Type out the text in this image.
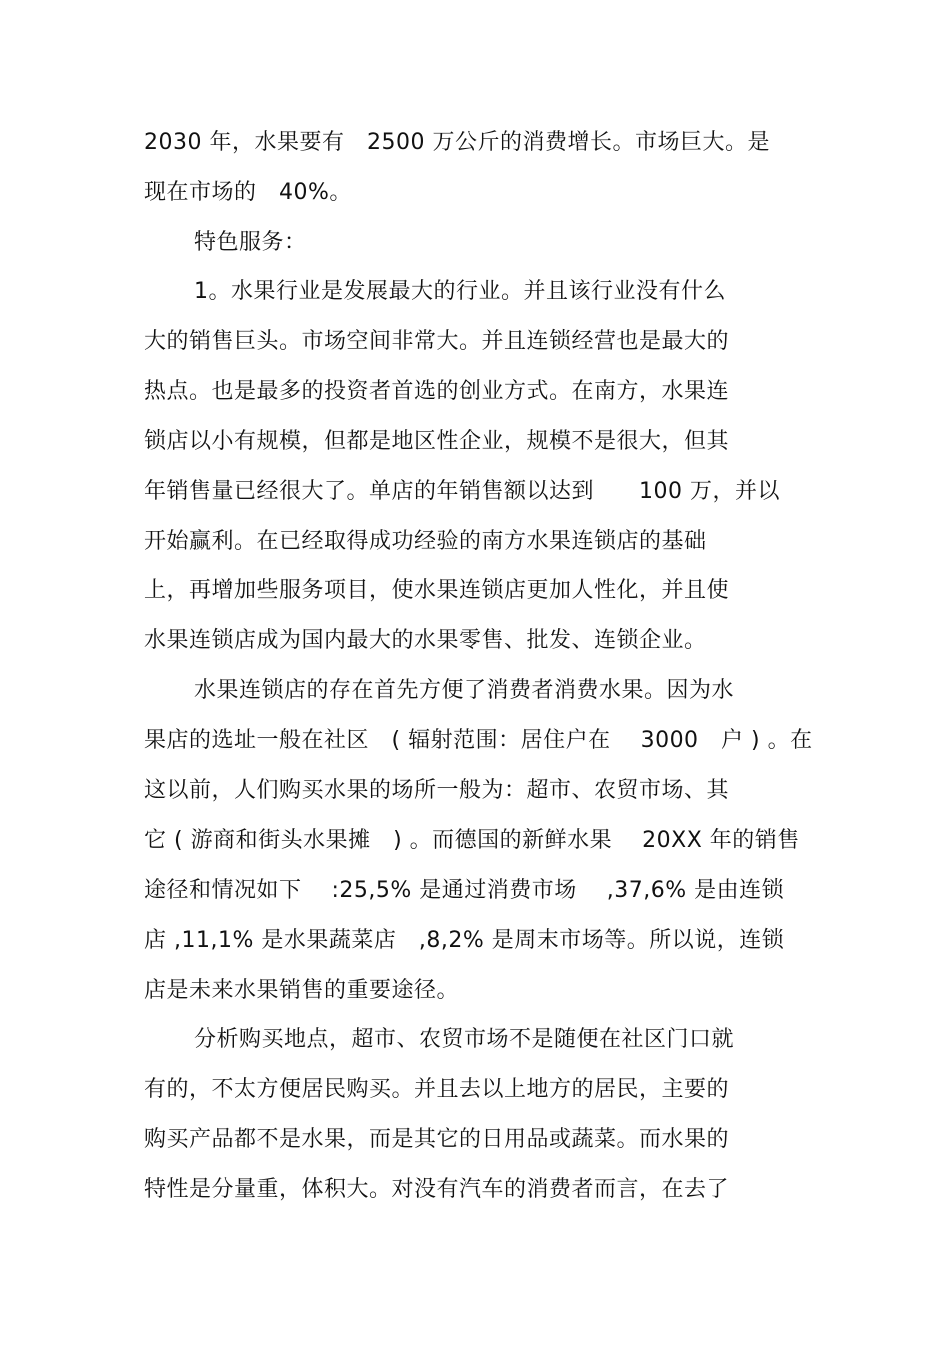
2030 年，水果要有　2500 万公斤的消费增长。市场巨大。是
现在市场的　40%。
特色服务：
1。水果行业是发展最大的行业。并且该行业没有什么
大的销售巨头。市场空间非常大。并且连锁经营也是最大的
热点。也是最多的投资者首选的创业方式。在南方，水果连
锁店以小有规模，但都是地区性企业，规模不是很大，但其
年销售量已经很大了。单店的年销售额以达到　　100 万，并以
开始赢利。在已经取得成功经验的南方水果连锁店的基础
上，再增加些服务项目，使水果连锁店更加人性化，并且使
水果连锁店成为国内最大的水果零售、批发、连锁企业。
水果连锁店的存在首先方便了消费者消费水果。因为水
果店的选址一般在社区　( 辐射范围：居住户在　 3000　户 ) 。在
这以前，人们购买水果的场所一般为：超市、农贸市场、其
它 ( 游商和街头水果摊　) 。而德国的新鲜水果　 20XX 年的销售
途径和情况如下　 :25,5% 是通过消费市场　 ,37,6% 是由连锁
店 ,11,1% 是水果蔬菜店　,8,2% 是周末市场等。所以说，连锁
店是未来水果销售的重要途径。
分析购买地点，超市、农贸市场不是随便在社区门口就
有的，不太方便居民购买。并且去以上地方的居民，主要的
购买产品都不是水果，而是其它的日用品或蔬菜。而水果的
特性是分量重，体积大。对没有汽车的消费者而言，在去了
